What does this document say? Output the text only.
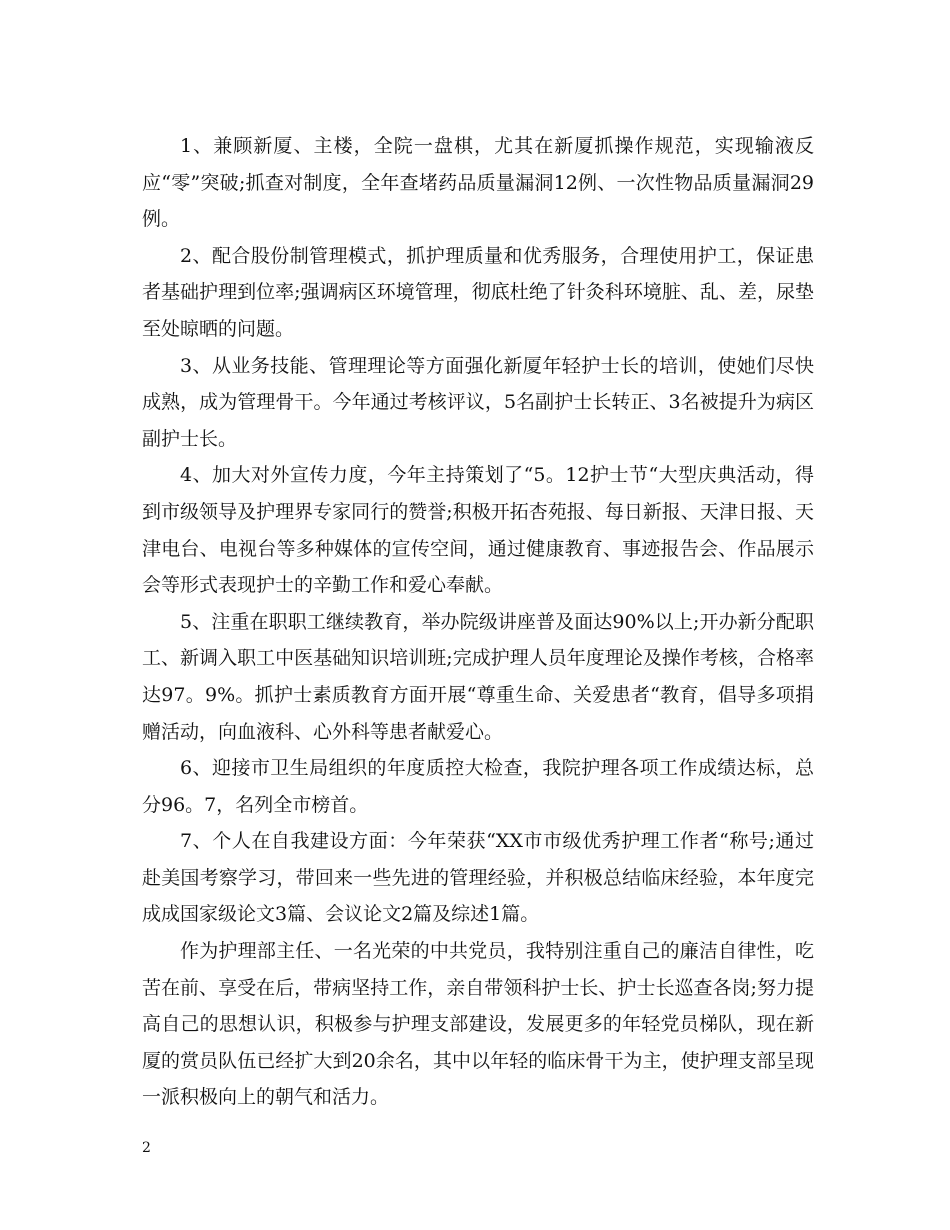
1、兼顾新厦、主楼，全院一盘棋，尤其在新厦抓操作规范，实现输液反应“零”突破;抓查对制度，全年查堵药品质量漏洞12例、一次性物品质量漏洞29例。

2、配合股份制管理模式，抓护理质量和优秀服务，合理使用护工，保证患者基础护理到位率;强调病区环境管理，彻底杜绝了针灸科环境脏、乱、差，尿垫至处晾晒的问题。

3、从业务技能、管理理论等方面强化新厦年轻护士长的培训，使她们尽快成熟，成为管理骨干。今年通过考核评议，5名副护士长转正、3名被提升为病区副护士长。

4、加大对外宣传力度，今年主持策划了“5。12护士节“大型庆典活动，得到市级领导及护理界专家同行的赞誉;积极开拓杏苑报、每日新报、天津日报、天津电台、电视台等多种媒体的宣传空间，通过健康教育、事迹报告会、作品展示会等形式表现护士的辛勤工作和爱心奉献。

5、注重在职职工继续教育，举办院级讲座普及面达90%以上;开办新分配职工、新调入职工中医基础知识培训班;完成护理人员年度理论及操作考核，合格率达97。9%。抓护士素质教育方面开展“尊重生命、关爱患者“教育，倡导多项捐赠活动，向血液科、心外科等患者献爱心。

6、迎接市卫生局组织的年度质控大检查，我院护理各项工作成绩达标，总分96。7，名列全市榜首。

7、个人在自我建设方面：今年荣获“XX市市级优秀护理工作者“称号;通过赴美国考察学习，带回来一些先进的管理经验，并积极总结临床经验，本年度完成成国家级论文3篇、会议论文2篇及综述1篇。

作为护理部主任、一名光荣的中共党员，我特别注重自己的廉洁自律性，吃苦在前、享受在后，带病坚持工作，亲自带领科护士长、护士长巡查各岗;努力提高自己的思想认识，积极参与护理支部建设，发展更多的年轻党员梯队，现在新厦的赏员队伍已经扩大到20余名，其中以年轻的临床骨干为主，使护理支部呈现一派积极向上的朝气和活力。

2
